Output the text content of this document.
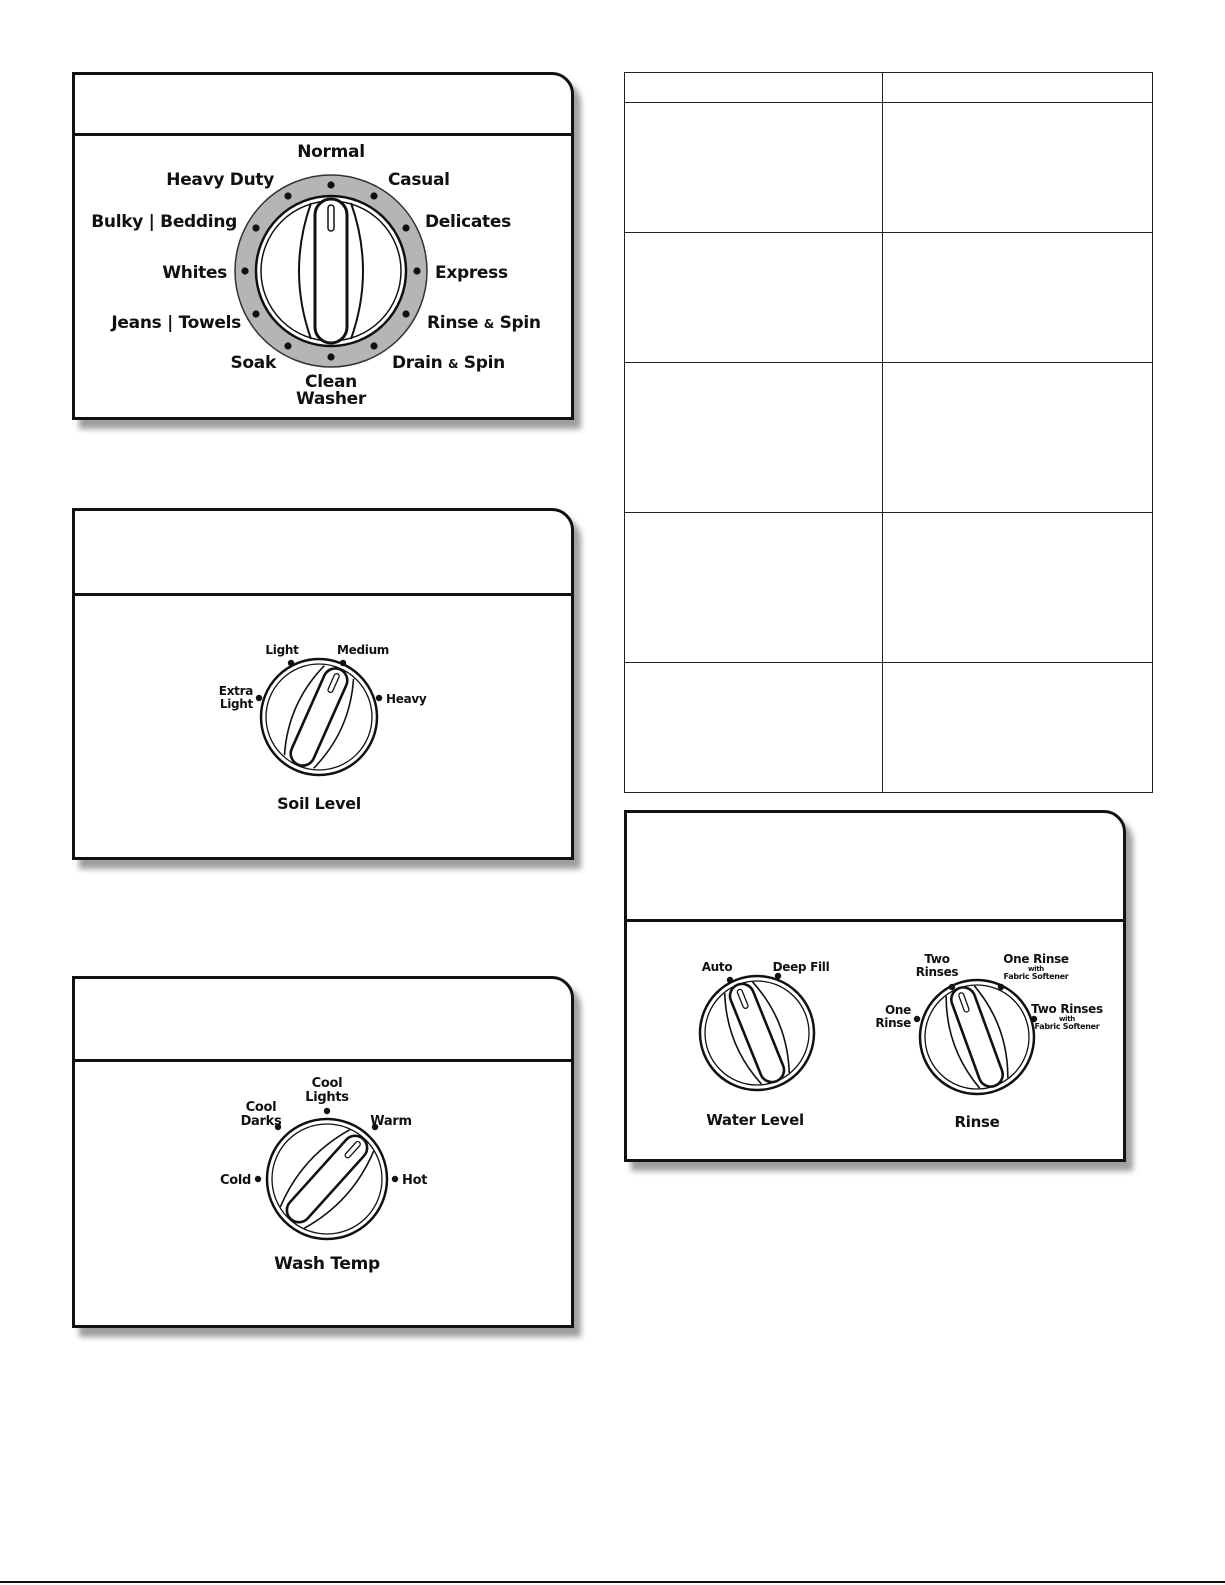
Normal
Heavy Duty	Casual
Bulky | Bedding	Delicates
Whites	Express
Jeans | Towels	Rinse & Spin
Soak	Drain & Spin
Clean
Washer
Light	Medium
Extra
Light	Heavy
Soil Level
Cool
Lights
Cool
Darks	Warm
Cold	Hot
Wash Temp

Auto	Deep Fill
Water Level
Two
Rinses
One Rinse
with
Fabric Softener
One
Rinse
Two Rinses
with
Fabric Softener
Rinse
